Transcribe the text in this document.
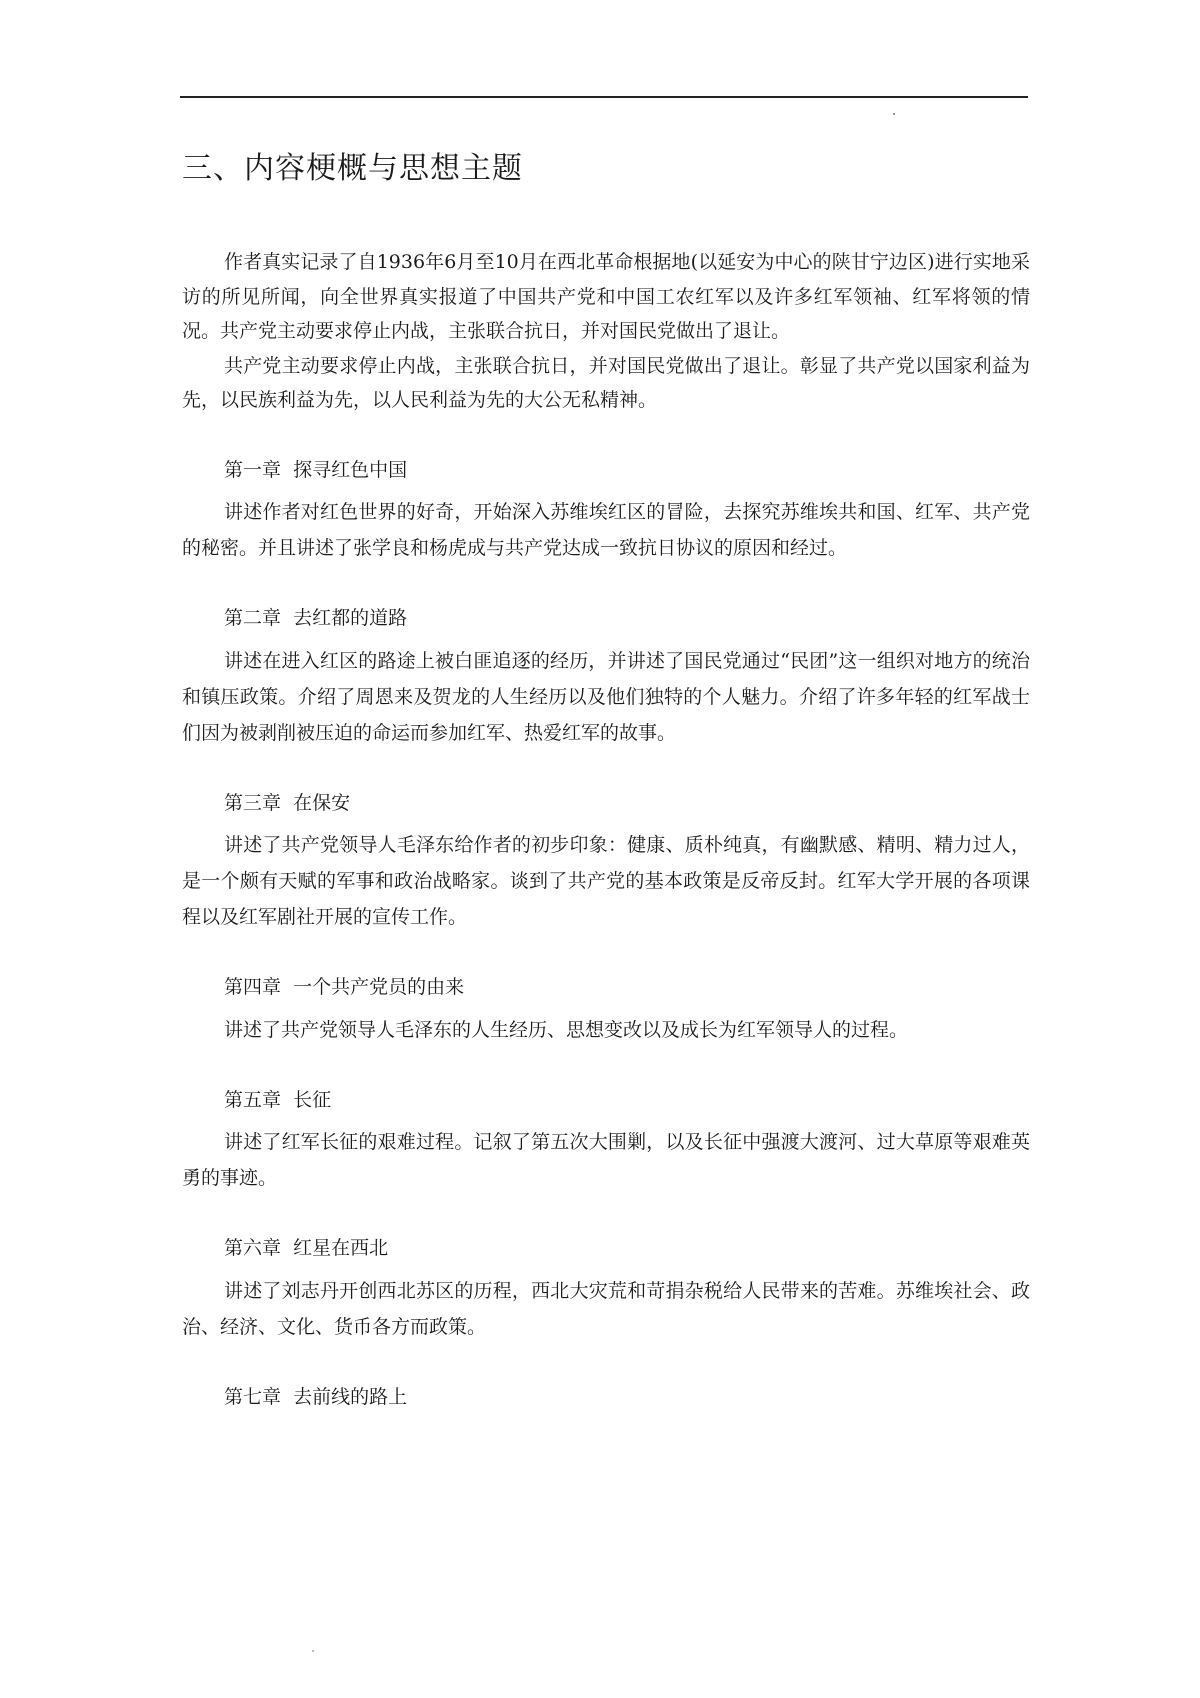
三、内容梗概与思想主题

作者真实记录了自1936年6月至10月在西北革命根据地(以延安为中心的陕甘宁边区)进行实地采访的所见所闻，向全世界真实报道了中国共产党和中国工农红军以及许多红军领袖、红军将领的情况。共产党主动要求停止内战，主张联合抗日，并对国民党做出了退让。

共产党主动要求停止内战，主张联合抗日，并对国民党做出了退让。彰显了共产党以国家利益为先，以民族利益为先，以人民利益为先的大公无私精神。

第一章  探寻红色中国

讲述作者对红色世界的好奇，开始深入苏维埃红区的冒险，去探究苏维埃共和国、红军、共产党的秘密。并且讲述了张学良和杨虎成与共产党达成一致抗日协议的原因和经过。

第二章  去红都的道路

讲述在进入红区的路途上被白匪追逐的经历，并讲述了国民党通过“民团”这一组织对地方的统治和镇压政策。介绍了周恩来及贺龙的人生经历以及他们独特的个人魅力。介绍了许多年轻的红军战士们因为被剥削被压迫的命运而参加红军、热爱红军的故事。

第三章  在保安

讲述了共产党领导人毛泽东给作者的初步印象：健康、质朴纯真，有幽默感、精明、精力过人，是一个颇有天赋的军事和政治战略家。谈到了共产党的基本政策是反帝反封。红军大学开展的各项课程以及红军剧社开展的宣传工作。

第四章  一个共产党员的由来

讲述了共产党领导人毛泽东的人生经历、思想变改以及成长为红军领导人的过程。

第五章  长征

讲述了红军长征的艰难过程。记叙了第五次大围剿，以及长征中强渡大渡河、过大草原等艰难英勇的事迹。

第六章  红星在西北

讲述了刘志丹开创西北苏区的历程，西北大灾荒和苛捐杂税给人民带来的苦难。苏维埃社会、政治、经济、文化、货币各方而政策。

第七章  去前线的路上
